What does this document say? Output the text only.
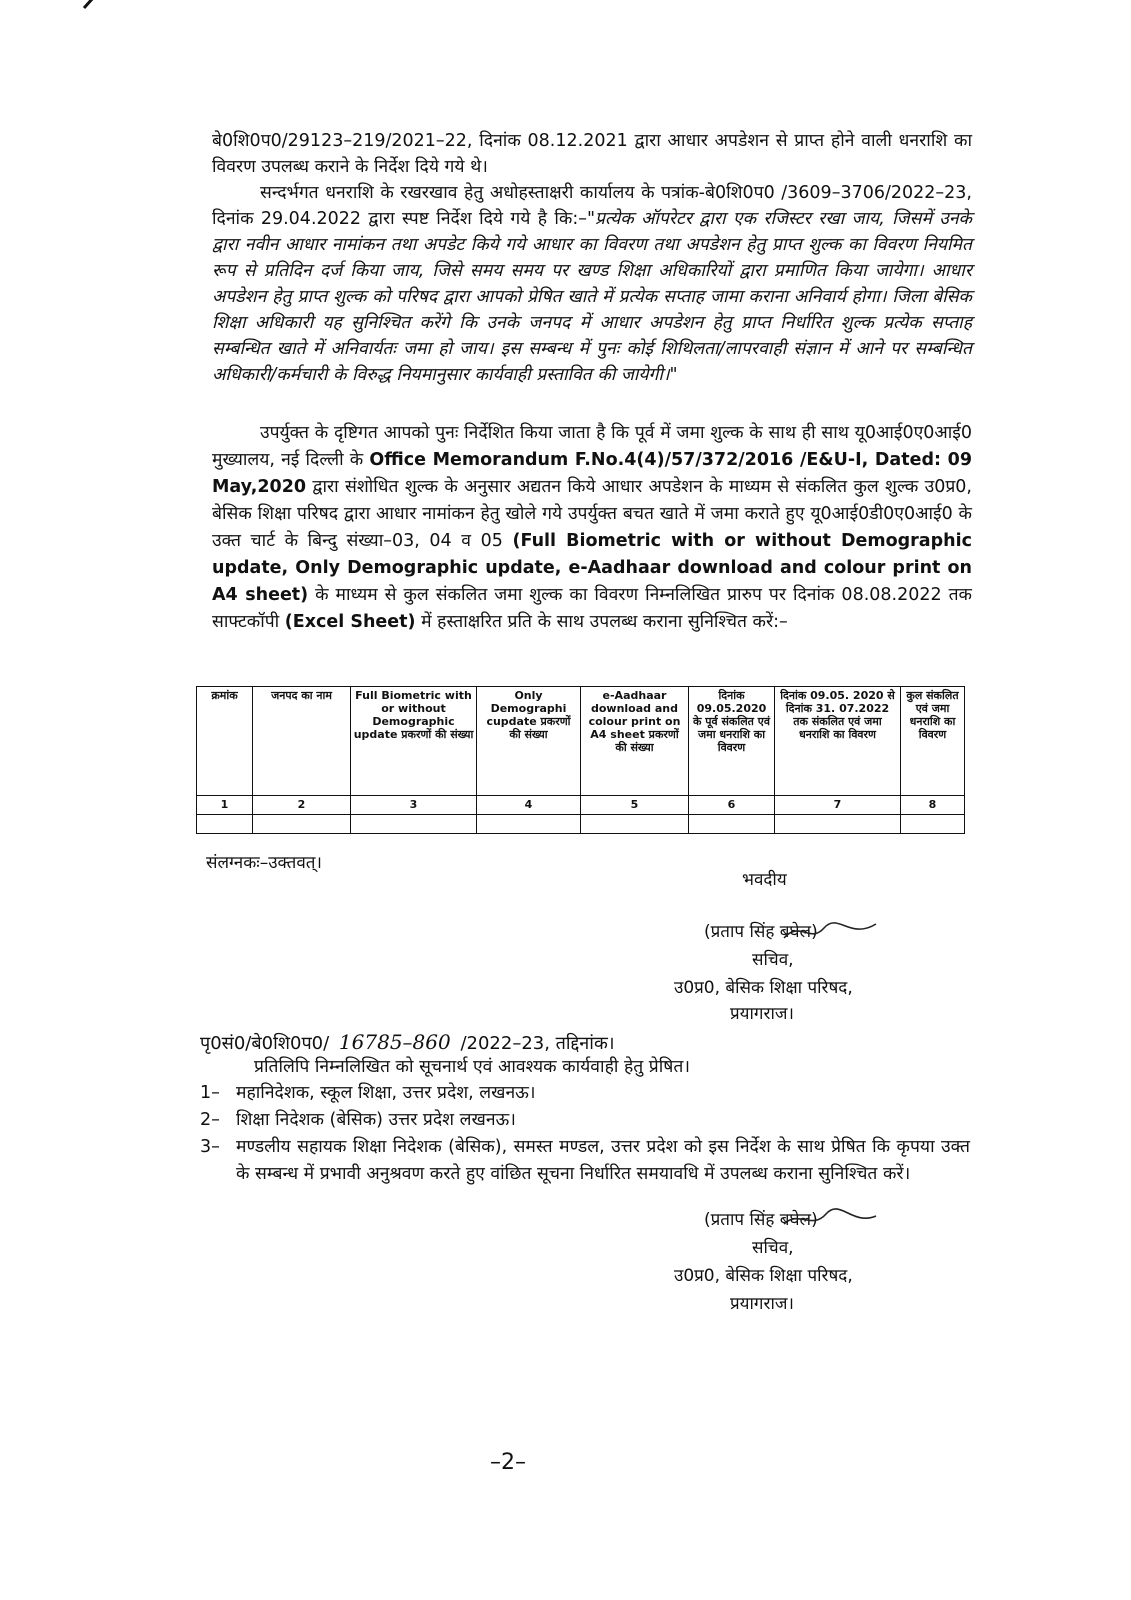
बे0शि0प0/29123–219/2021–22, दिनांक 08.12.2021 द्वारा आधार अपडेशन से प्राप्त होने वाली धनराशि का विवरण उपलब्ध कराने के निर्देश दिये गये थे।

सन्दर्भगत धनराशि के रखरखाव हेतु अधोहस्ताक्षरी कार्यालय के पत्रांक-बे0शि0प0 /3609–3706/2022–23, दिनांक 29.04.2022 द्वारा स्पष्ट निर्देश दिये गये है कि:–"प्रत्येक ऑपरेटर द्वारा एक रजिस्टर रखा जाय, जिसमें उनके द्वारा नवीन आधार नामांकन तथा अपडेट किये गये आधार का विवरण तथा अपडेशन हेतु प्राप्त शुल्क का विवरण नियमित रूप से प्रतिदिन दर्ज किया जाय, जिसे समय समय पर खण्ड शिक्षा अधिकारियों द्वारा प्रमाणित किया जायेगा। आधार अपडेशन हेतु प्राप्त शुल्क को परिषद द्वारा आपको प्रेषित खाते में प्रत्येक सप्ताह जामा कराना अनिवार्य होगा। जिला बेसिक शिक्षा अधिकारी यह सुनिश्चित करेंगे कि उनके जनपद में आधार अपडेशन हेतु प्राप्त निर्धारित शुल्क प्रत्येक सप्ताह सम्बन्धित खाते में अनिवार्यतः जमा हो जाय। इस सम्बन्ध में पुनः कोई शिथिलता/लापरवाही संज्ञान में आने पर सम्बन्धित अधिकारी/कर्मचारी के विरुद्ध नियमानुसार कार्यवाही प्रस्तावित की जायेगी।"

उपर्युक्त के दृष्टिगत आपको पुनः निर्देशित किया जाता है कि पूर्व में जमा शुल्क के साथ ही साथ यू0आई0ए0आई0 मुख्यालय, नई दिल्ली के Office Memorandum F.No.4(4)/57/372/2016 /E&U-I, Dated: 09 May,2020 द्वारा संशोधित शुल्क के अनुसार अद्यतन किये आधार अपडेशन के माध्यम से संकलित कुल शुल्क उ0प्र0, बेसिक शिक्षा परिषद द्वारा आधार नामांकन हेतु खोले गये उपर्युक्त बचत खाते में जमा कराते हुए यू0आई0डी0ए0आई0 के उक्त चार्ट के बिन्दु संख्या–03, 04 व 05 (Full Biometric with or without Demographic update, Only Demographic update, e-Aadhaar download and colour print on A4 sheet) के माध्यम से कुल संकलित जमा शुल्क का विवरण निम्नलिखित प्रारुप पर दिनांक 08.08.2022 तक साफ्टकॉपी (Excel Sheet) में हस्ताक्षरित प्रति के साथ उपलब्ध कराना सुनिश्चित करें:–

क्रमांक	जनपद का नाम	Full Biometric with or without Demographic update प्रकरणों की संख्या	Only Demographi cupdate प्रकरणों की संख्या	e-Aadhaar download and colour print on A4 sheet प्रकरणों की संख्या	दिनांक 09.05.2020 के पूर्व संकलित एवं जमा धनराशि का विवरण	दिनांक 09.05. 2020 से दिनांक 31. 07.2022 तक संकलित एवं जमा धनराशि का विवरण	कुल संकलित एवं जमा धनराशि का विवरण
1	2	3	4	5	6	7	8

संलग्नकः–उक्तवत्।
भवदीय
(प्रताप सिंह बघेल)
सचिव,
उ0प्र0, बेसिक शिक्षा परिषद,
प्रयागराज।
पृ0सं0/बे0शि0प0/ 16785–860 /2022–23, तद्दिनांक।
प्रतिलिपि निम्नलिखित को सूचनार्थ एवं आवश्यक कार्यवाही हेतु प्रेषित।
1– महानिदेशक, स्कूल शिक्षा, उत्तर प्रदेश, लखनऊ।
2– शिक्षा निदेशक (बेसिक) उत्तर प्रदेश लखनऊ।
3– मण्डलीय सहायक शिक्षा निदेशक (बेसिक), समस्त मण्डल, उत्तर प्रदेश को इस निर्देश के साथ प्रेषित कि कृपया उक्त के सम्बन्ध में प्रभावी अनुश्रवण करते हुए वांछित सूचना निर्धारित समयावधि में उपलब्ध कराना सुनिश्चित करें।
(प्रताप सिंह बघेल)
सचिव,
उ0प्र0, बेसिक शिक्षा परिषद,
प्रयागराज।
–2–
